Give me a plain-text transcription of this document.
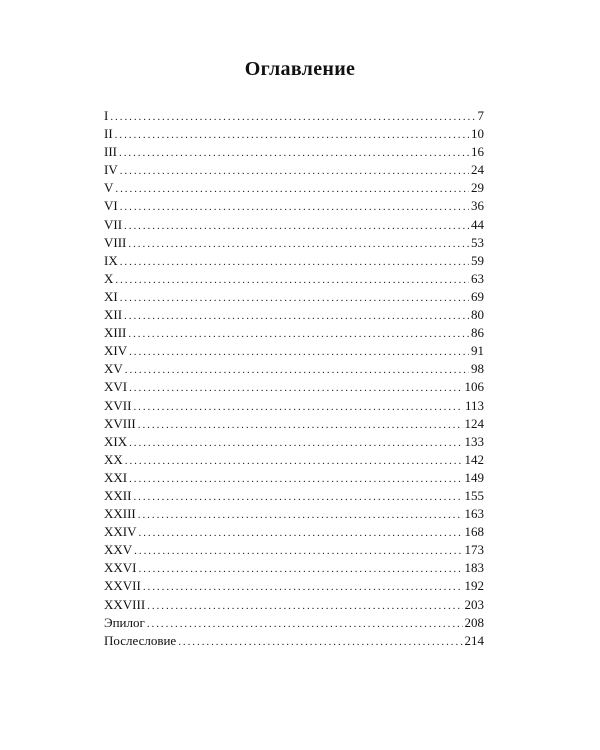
Оглавление
I . . .	7
II . . .	10
III . . .	16
IV . . .	24
V . . .	29
VI . . .	36
VII . . .	44
VIII . . .	53
IX . . .	59
X . . .	63
XI . . .	69
XII . . .	80
XIII . . .	86
XIV . . .	91
XV . . .	98
XVI . . .	106
XVII . . .	113
XVIII . . .	124
XIX . . .	133
XX . . .	142
XXI . . .	149
XXII . . .	155
XXIII . . .	163
XXIV . . .	168
XXV . . .	173
XXVI . . .	183
XXVII . . .	192
XXVIII . . .	203
Эпилог . . .	208
Послесловие . . .	214
